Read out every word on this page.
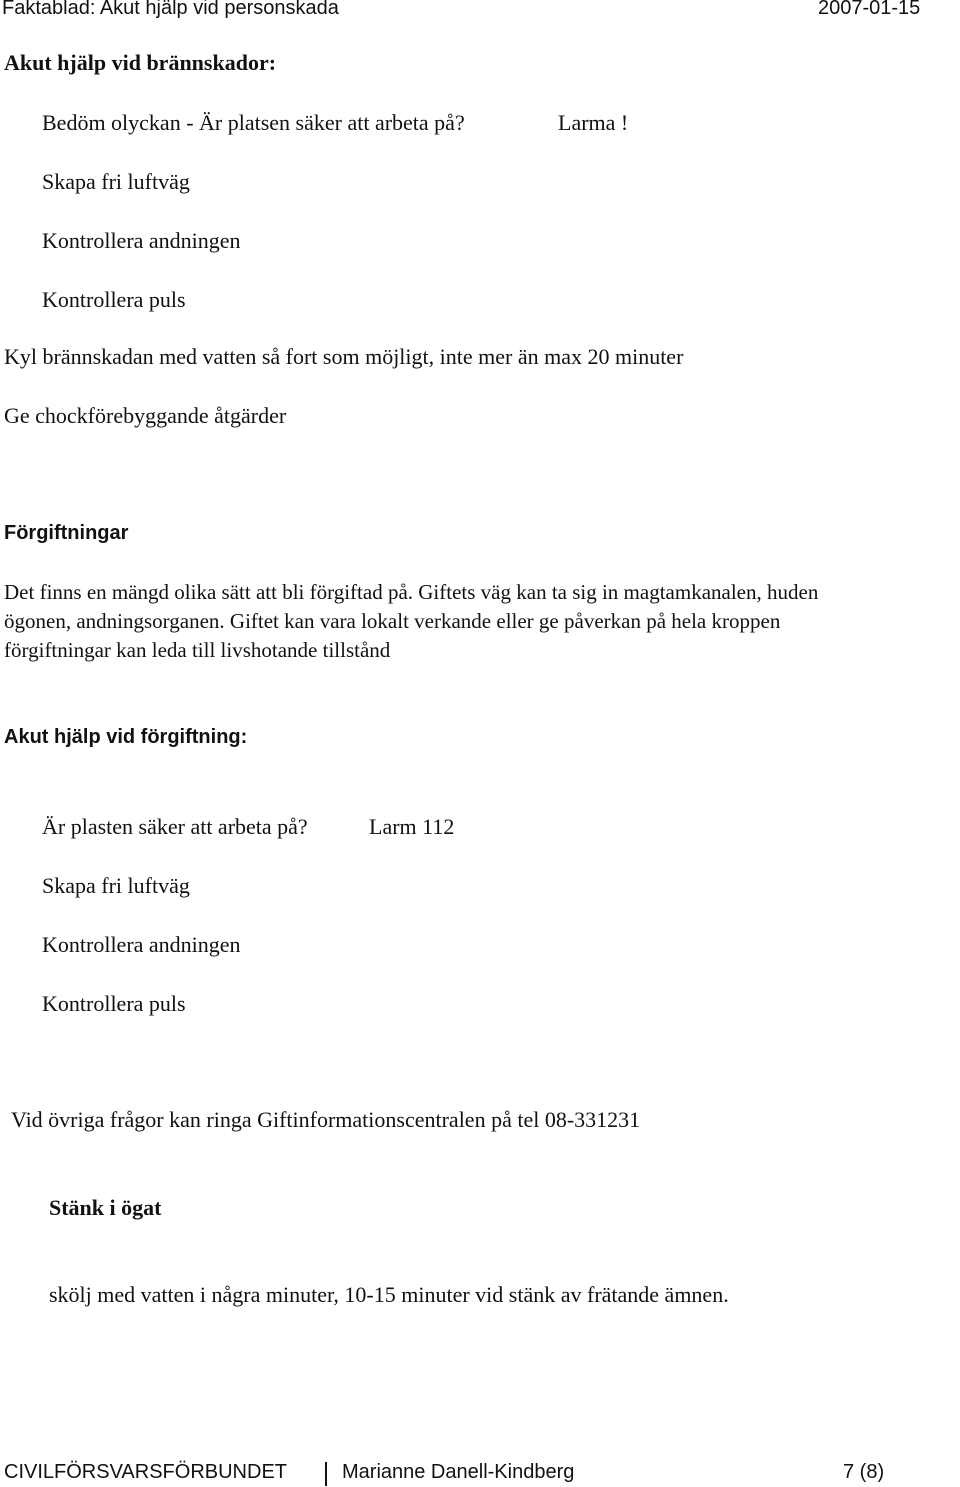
Faktablad: Akut hjälp vid personskada	2007-01-15
Akut hjälp vid brännskador:
Bedöm olyckan - Är platsen säker att arbeta på?	Larma !
Skapa fri luftväg
Kontrollera andningen
Kontrollera puls
Kyl brännskadan med vatten så fort som möjligt, inte mer än max 20 minuter
Ge chockförebyggande åtgärder
Förgiftningar
Det finns en mängd olika sätt att bli förgiftad på. Giftets väg kan ta sig in magtamkanalen, huden
ögonen, andningsorganen. Giftet kan vara lokalt verkande eller ge påverkan på hela kroppen
förgiftningar kan leda till livshotande tillstånd
Akut hjälp vid förgiftning:
Är plasten säker att arbeta på?	Larm 112
Skapa fri luftväg
Kontrollera andningen
Kontrollera puls
Vid övriga frågor kan ringa Giftinformationscentralen på tel 08-331231
Stänk i ögat
skölj med vatten i några minuter, 10-15 minuter vid stänk av frätande ämnen.
CIVILFÖRSVARSFÖRBUNDET	Marianne Danell-Kindberg	7 (8)
